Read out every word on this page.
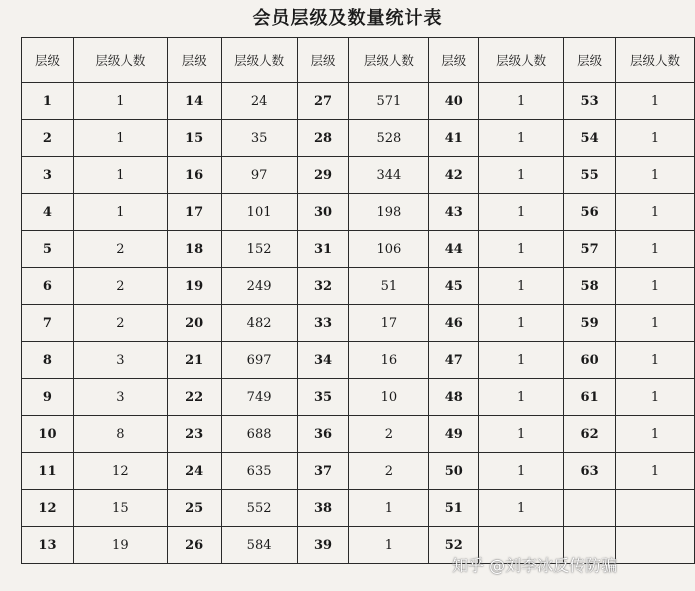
会员层级及数量统计表
层级	层级人数	层级	层级人数	层级	层级人数	层级	层级人数	层级	层级人数
1	1	14	24	27	571	40	1	53	1
2	1	15	35	28	528	41	1	54	1
3	1	16	97	29	344	42	1	55	1
4	1	17	101	30	198	43	1	56	1
5	2	18	152	31	106	44	1	57	1
6	2	19	249	32	51	45	1	58	1
7	2	20	482	33	17	46	1	59	1
8	3	21	697	34	16	47	1	60	1
9	3	22	749	35	10	48	1	61	1
10	8	23	688	36	2	49	1	62	1
11	12	24	635	37	2	50	1	63	1
12	15	25	552	38	1	51	1		
13	19	26	584	39	1	52			
知乎 @刘李冰反传防骗
